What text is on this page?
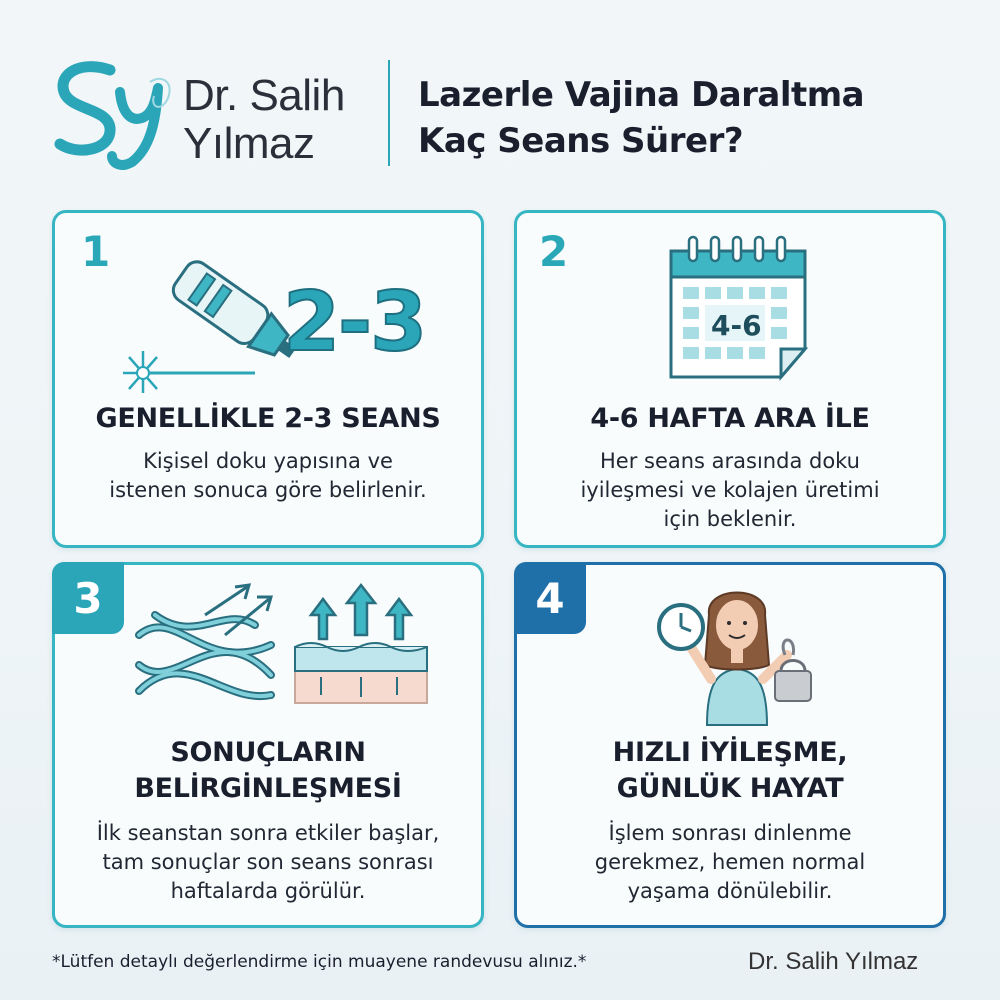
Dr. Salih
Yılmaz
Lazerle Vajina Daraltma
Kaç Seans Sürer?
1
2-3
GENELLİKLE 2-3 SEANS
Kişisel doku yapısına ve
istenen sonuca göre belirlenir.
2
4-6
4-6 HAFTA ARA İLE
Her seans arasında doku
iyileşmesi ve kolajen üretimi
için beklenir.
3
SONUÇLARIN
BELİRGİNLEŞMESİ
İlk seanstan sonra etkiler başlar,
tam sonuçlar son seans sonrası
haftalarda görülür.
4
HIZLI İYİLEŞME,
GÜNLÜK HAYAT
İşlem sonrası dinlenme
gerekmez, hemen normal
yaşama dönülebilir.
*Lütfen detaylı değerlendirme için muayene randevusu alınız.*	Dr. Salih Yılmaz
